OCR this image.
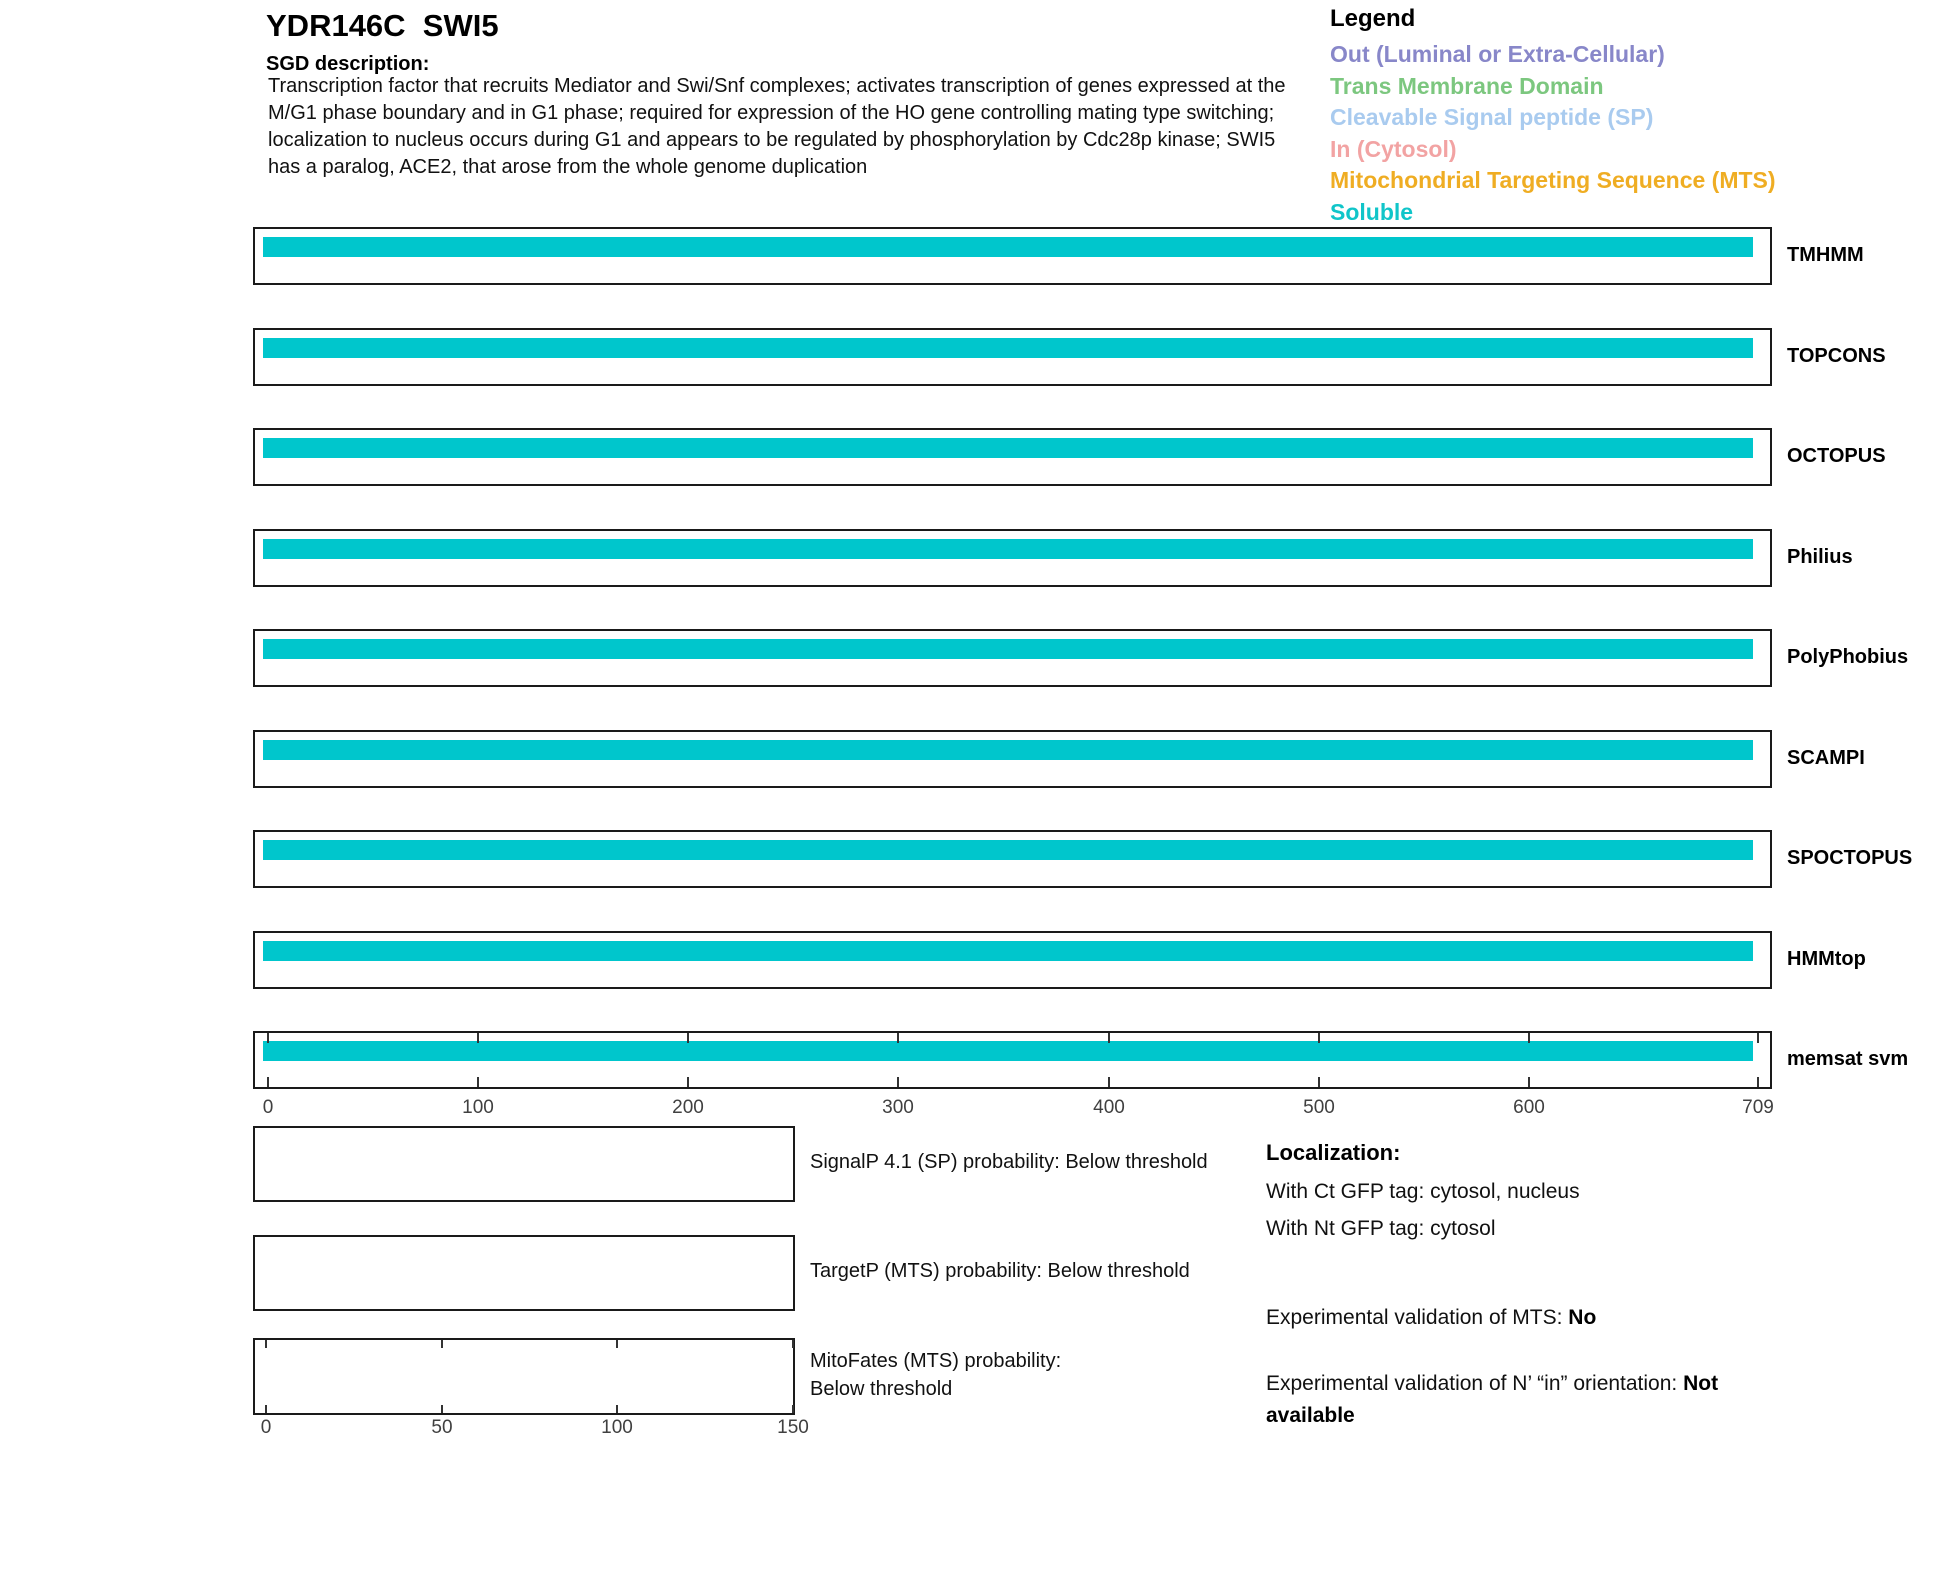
YDR146C  SWI5
SGD description:
Transcription factor that recruits Mediator and Swi/Snf complexes; activates transcription of genes expressed at the M/G1 phase boundary and in G1 phase; required for expression of the HO gene controlling mating type switching; localization to nucleus occurs during G1 and appears to be regulated by phosphorylation by Cdc28p kinase; SWI5 has a paralog, ACE2, that arose from the whole genome duplication
Legend
Out (Luminal or Extra-Cellular)
Trans Membrane Domain
Cleavable Signal peptide (SP)
In (Cytosol)
Mitochondrial Targeting Sequence (MTS)
Soluble
TMHMM
TOPCONS
OCTOPUS
Philius
PolyPhobius
SCAMPI
SPOCTOPUS
HMMtop
memsat svm
0	100	200	300	400	500	600	709
SignalP 4.1 (SP) probability: Below threshold
TargetP (MTS) probability: Below threshold
0	50	100	150
MitoFates (MTS) probability: Below threshold
Localization:
With Ct GFP tag: cytosol, nucleus
With Nt GFP tag: cytosol
Experimental validation of MTS: No
Experimental validation of N’ “in” orientation: Not available
